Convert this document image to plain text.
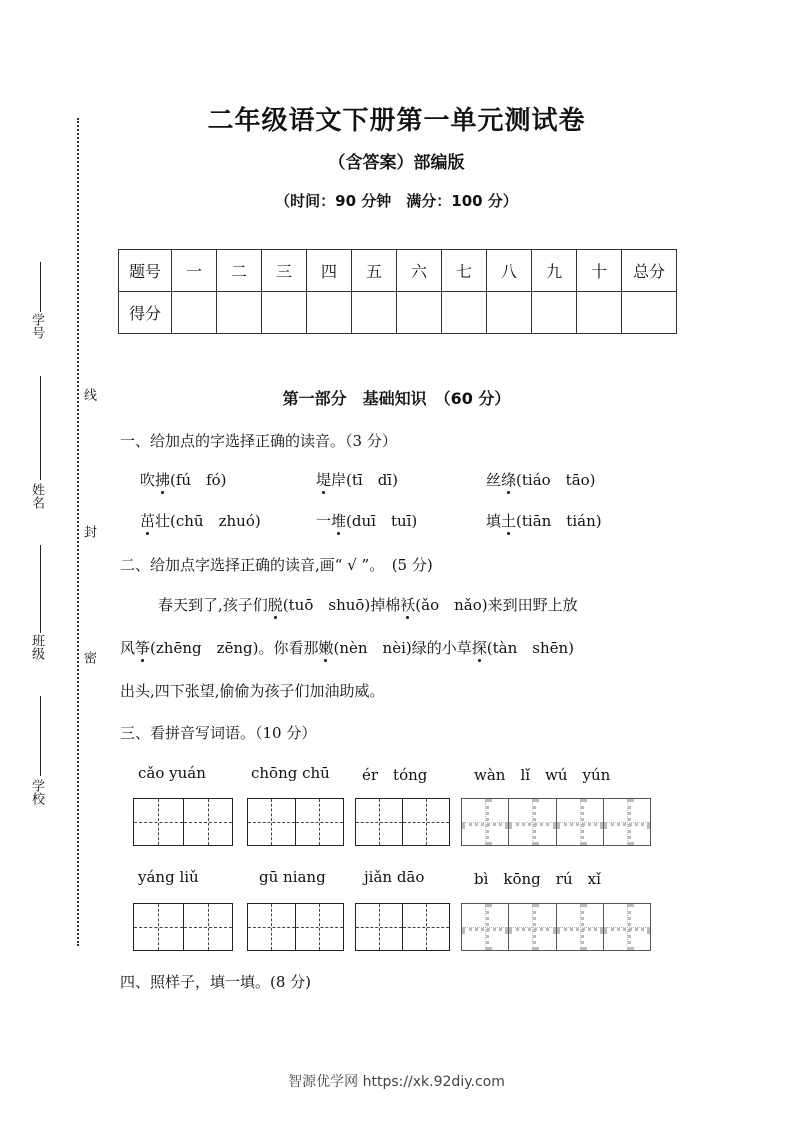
学号
姓名
班级
学校
线
封
密
二年级语文下册第一单元测试卷
（含答案）部编版
（时间：90 分钟　满分：100 分）
题号	一	二	三	四	五	六	七	八	九	十	总分
得分											
第一部分　基础知识　（60 分）
一、给加点的字选择正确的读音。（3 分）
吹拂(fú　fó)	堤岸(tī　dī)	丝绦(tiáo　tāo)
茁壮(chū　zhuó)	一堆(duī　tuī)	填土(tiān　tián)
二、给加点字选择正确的读音,画“ √ ”。　(5 分)
春天到了,孩子们脱(tuō　shuō)掉棉袄(ǎo　nǎo)来到田野上放
风筝(zhēng　zēng)。你看那嫩(nèn　nèi)绿的小草探(tàn　shēn)
出头,四下张望,偷偷为孩子们加油助威。
三、看拼音写词语。（10 分）
cǎo yuán	chōng chū ér　tóng	wàn　lǐ　wú　yún
yáng liǔ	gū niang	jiǎn dāo	bì　kōng　rú　xǐ
四、照样子，填一填。(8 分)
智源优学网 https://xk.92diy.com
